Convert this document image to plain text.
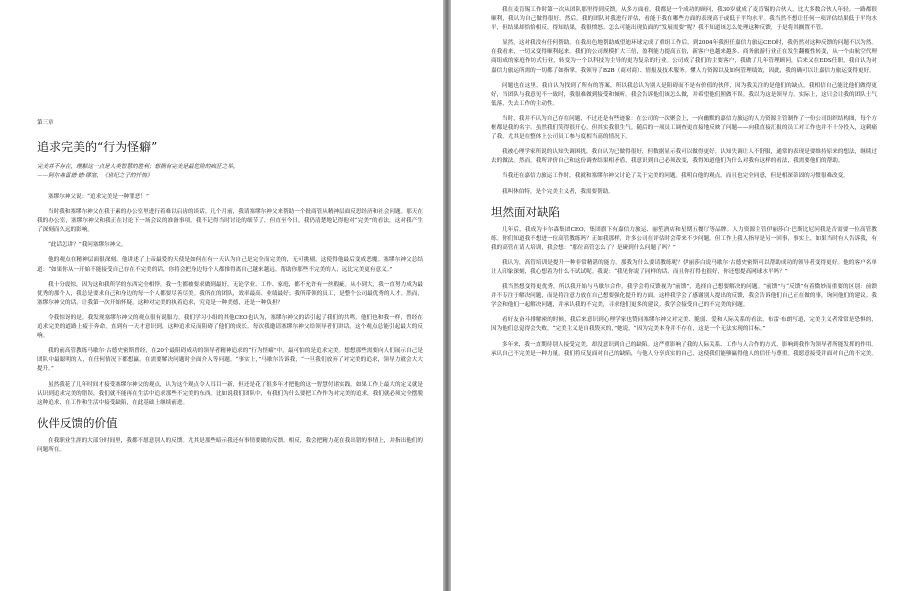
第三章
追求完美的“行为怪癖”
完美并不存在，理解这一点是人类智慧的胜利；想拥有完美是最危险的疯狂之举。
——阿尔弗雷德·德·缪塞，《世纪之子的忏悔》

塞缪尔神父说：“追求完美是一种罪恶！”

当时我和塞缪尔神父在我于素的办公室里进行着难以启齿的谈话。几个月前，我请塞缪尔神父来帮助一个批商管从精神层面反思经济和社会问题。那天在我的办公室，塞缪尔神父和我正在讨论下一场会议的准备事项。我不记得当时讨论的细节了，但直至今日，我仍清楚地记得他对“完美”的看法，这对我产生了深刻而久远的影响。

“此话怎讲？”我问塞缪尔神父。

他的观点在精神层面很深刻。他讲述了上帝最爱的天使是如何在有一天认为自己是完全而完美的，无可挑剔，这使得他最后变成恶魔。塞缪尔神父总结道：“如果你从一开始不能接受自己存在不完美的话，你将会把身边每个人都推得离自己越来越远。帮助你那些不完美的人，远比完美更有意义。”

我十分震惊，因为这和我所学的东西完全相悖。我一生都被要求做到最好，无论学业、工作、家庭，都不允许有一丝瑕疵。从小到大，我一直努力成为最优秀的那个人，我总是要求自己和身边的每一个人都要尽善尽美。我所在的团队，效率最高、业绩最好；我所带领的员工，是整个公司最优秀的人才。然而，塞缪尔神父的话，让我第一次开始怀疑，这种对完美的执着追求，究竟是一种美德，还是一种负担？

令我惊讶的是，我发现塞缪尔神父的观点很有说服力。我们学习小组的其他CEO也认为，塞缪尔神父的话引起了我们的共鸣，他们也和我一样，曾经在追求完美的道路上疲于奔命，直到有一天才意识到，这种追求反而阻碍了他们的成长。每次我邀请塞缪尔神父给领导者们讲话，这个观点总能引起最大的反响。

我的前高管教练马歇尔·古德史密斯曾经，在20个最阻碍成功的领导者精神追求的“行为怪癖”中，最可怕的是追求完美。想想那些需要向人们展示自己是团队中最聪明的人，在任何情况下都想赢，在需要解决问题时全面介入等问题。“事实上，”马歇尔告诉我，“一旦我们放弃了对完美的追求，领导力就会大大提升。”

虽然我花了几年时间才接受塞缪尔神父的观点，认为这个观点令人耳目一新，但还是花了很多年才把他的这一智慧付诸实践。如果工作上最大的定义就是认识到追求完美的错误，我们就不能再在生活中追求那些不完美的东西。比如说我们团队中，有我们为什么要把工作作为对完美的追求，我们就必须完全摆脱这种追求，在工作和生活中接受缺陷，在此基础上继续前进。

伙伴反馈的价值

在我职业生涯的大部分时间里，我都不愿意别人的反馈。尤其是那些暗示我还有事情要做的反馈。相反，我会把精力花在我出错的事情上，并指出他们的问题所在。

我在麦肯锡工作时第一次从团队那里得到反馈。从多方面看，我都是一个成功的顾问，我30岁就成了麦肯锡的合伙人，比大多数合伙人年轻。一路都很顺利，我认为自己做得很好。然后，我的团队对我进行评估，看能于我在哪些方面的表现高于或低于平均水平。我当然不想让任何一项评估结果低于平均水平，但结果却恰恰相反，得知结果，我很愤怒。怎么可能出现负面的“发展需要”呢？我不知道该怎么处理这种反馈，于是将其搁置不管。

显然，这对我没有任何帮助。在我出色地帮助威望迪环球完成了重组工作后，到2004年我担任嘉信力旅运CEO时，我仍然对这种反馈的问题不以为然。在我看来，一切又变得顺利起来。我们的公司规模扩大三倍，盈利能力提高五倍，新客户也越来越多。商务旅游行业正在发生翻覆性转变，从一个由航空代理商组成的家庭作坊式行业，转变为一个以科技为主导的更为复杂的行业。公司成了我们的主要客户，我做了几年管理顾问，后来又在EDS任职，我自认为对嘉信力旅运所需的一切都了如指掌。我领导了B2B（商对商）、情报及技术服务。懂人力资源以及如何管理绩效，因此，我的确可以让嘉信力旅运变得更好。

问题也在这里，我自认为找到了所有的答案，所以我总认为别人是阻碍而不是有价值的伙伴，因为我关注的是他们的缺点。我相信自己能比他们做得更好，当团队与我意见不一致时，我很难做到接受和倾听。我会告诉他们该怎么做，并希望他们照做不误。我以为这是领导力。实际上，这只会让我的团队士气低落，失去工作的主动性。

当时，我并不认为自己存在问题，不过还是有些迹象：在公司的一次聚会上，一向幽默的嘉信力旅运的人力资源主管制作了一份公司组织结构图，每个方框都是我的名字。虽然我们笑得很开心，但其实我很生气。随后的一项员工调查更直接地反映了问题——向我直接汇报的员工对工作也并不十分投入，这刺痛了我。尤其是在整体上公司员工参与度相当高的情况下。

我被心理学家所说的认知失调困扰，我自认为已做得很好，但数据显示我可以做得更好。认知失调让人不舒服，通常的表现是要维持原来的想法，继续过去的做法。然而，我所评价自己和这份调查结果相矛盾，我意识到自己必须改变，我得知道他们为什么对我有这样的看法，我需要他们的帮助。

当我还在嘉信力旅运工作时，我就和塞缪尔神父讨论了关于完美的问题。我明白他的观点，而且也完全同意，但是相深蒂固的习惯很难改变。

我叫休伯特，是个完美主义者，我需要帮助。

坦然面对缺陷

几年后，我成为卡尔森集团CEO，集团旗下有嘉信力旅运、丽笙酒店和星期五餐厅等品牌。人力资源主管伊丽莎白·巴斯比尼问我是否需要一位高管教练。你们知道我不想进一位高管教练吗？正如我那样，许多公司在评估时会带来不少问题，但工作上我人指导是另一回事，事实上，如果当时有人告诉我，有我的高管在请人培训，我会想：“那位高管怎么了？是碰到什么问题了吗？”

我认为，高管培训是提升一种非常精湛的能力，那我为什么要请教练呢？伊丽莎白说马歇尔·古德史密斯可以帮助成功的领导者变得更好。他的客户名单让人印象深刻，我心想着为什么不试试呢。我说：“我见你说了同样的话，而且你打得也很好，你还想提高网球水平吗？”

我当然想变得更优秀，所以我开始与马歇尔合作。我学会将反馈视为“前馈”，选择自己想要解决的问题。“前馈”与“反馈”有着微妙而重要的区别：前馈并不专注于解决问题，而是将注意力放在自己想要强化提升的方面。这样我学会了感谢别人提出的反馈，我会告诉他们自己正在做的事，询问他们的建议。我学会和他们一起解决问题，并承认我的不完美，寻求他们更多的建议。我学会接受自己的不完美的问题。

看好友奋斗排解密的时候，我后来意识到心理学家也赞同塞缪尔神父对完美、脆弱、爱和人际关系的看法。布雷·布朗写道，完美主义者常常是恐惧的，因为他们总觉得会失败。“完美主义是自我毁灭的，”她说，“因为完美本身并不存在，这是一个无法实现的目标。”

多年来，我一直期待别人接受完美，却没意识到自己的缺陷。这严重影响了我的人际关系、工作与人合作的方式，影响到我作为领导者所能发挥的作用。承认自己不完美是一种力量。我们将反复面对自己的缺陷，与他人分享真实的自己，这使我们能够赢得他人的信任与尊重。我愿意接受并面对自己的不完美。
